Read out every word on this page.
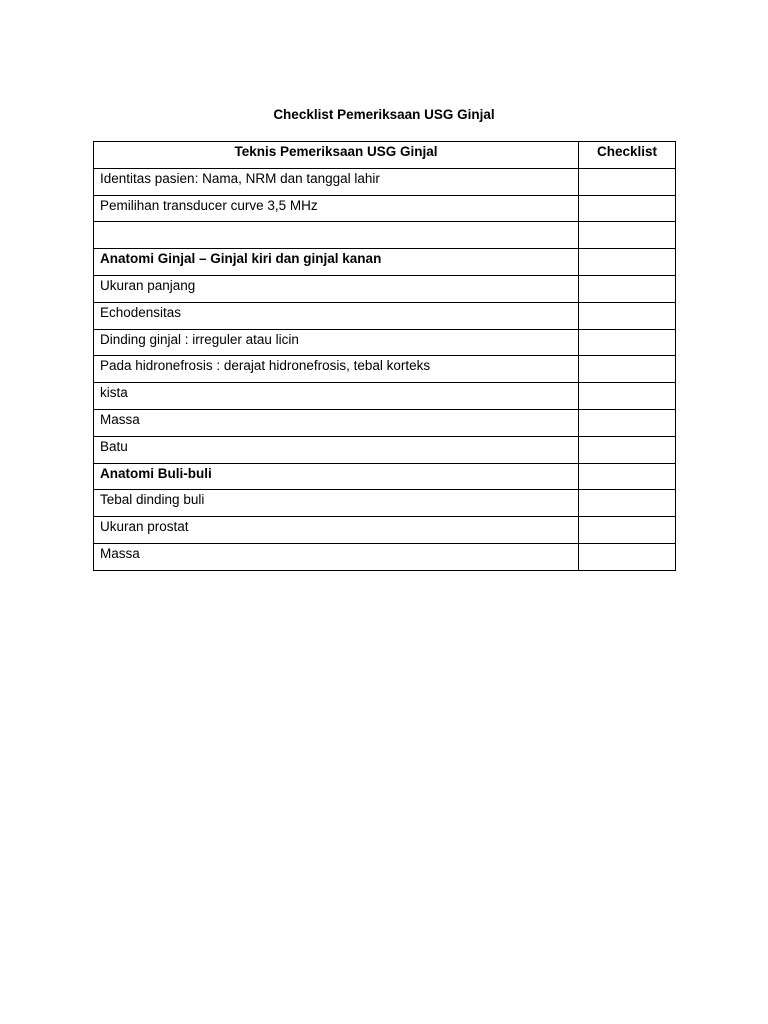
Checklist Pemeriksaan USG Ginjal
Teknis Pemeriksaan USG Ginjal	Checklist
Identitas pasien: Nama, NRM dan tanggal lahir	
Pemilihan transducer curve 3,5 MHz	

Anatomi Ginjal – Ginjal kiri dan ginjal kanan	
Ukuran panjang	
Echodensitas	
Dinding ginjal : irreguler atau licin	
Pada hidronefrosis : derajat hidronefrosis, tebal korteks	
kista	
Massa	
Batu	
Anatomi Buli-buli	
Tebal dinding buli	
Ukuran prostat	
Massa	
